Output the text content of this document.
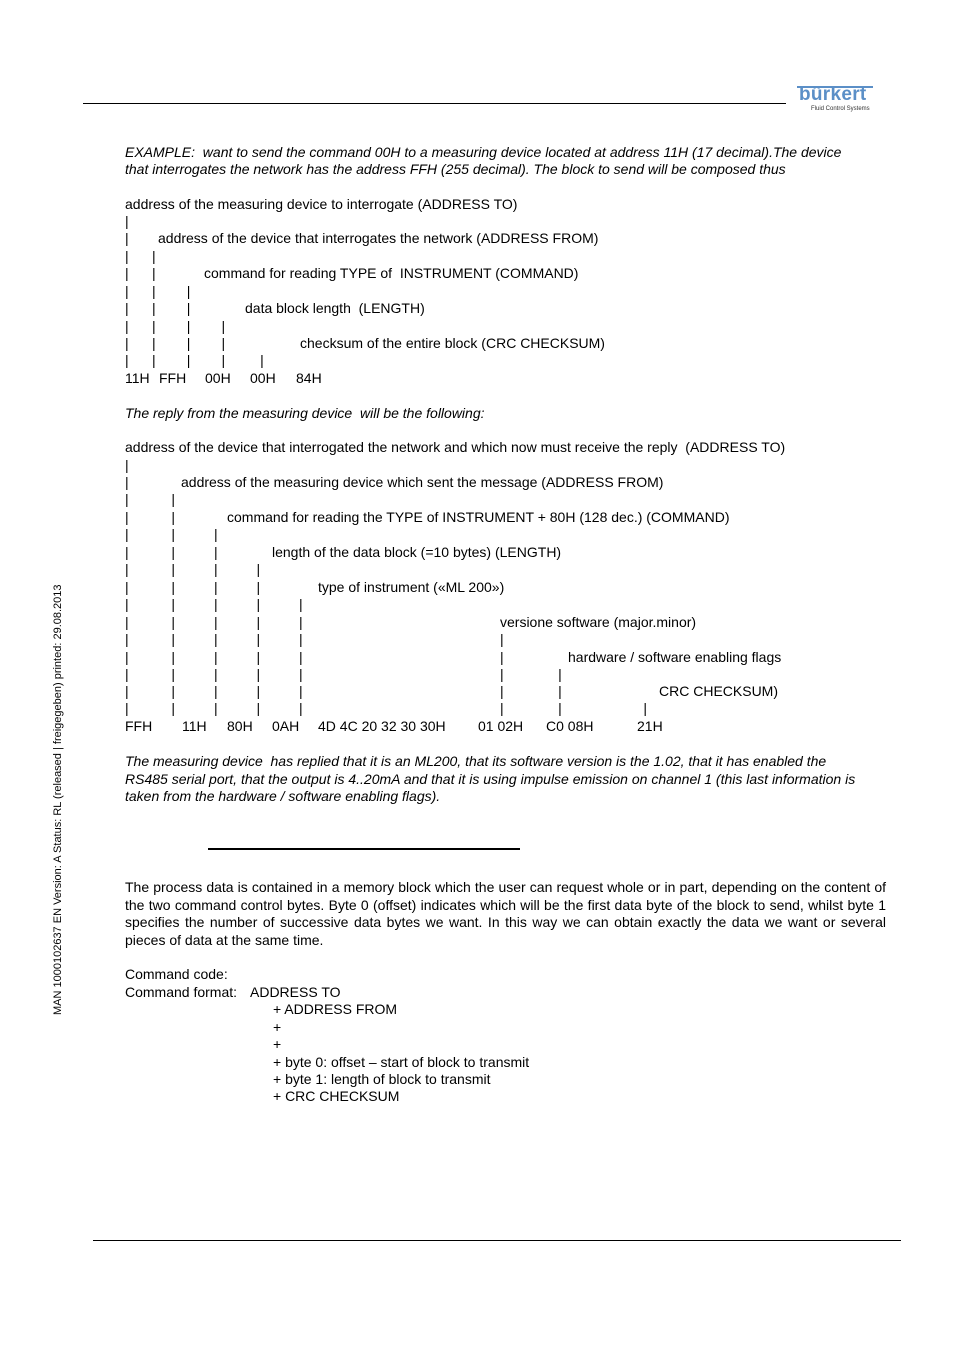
bürkert
Fluid Control Systems
MAN 1000102637 EN Version: A Status: RL (released | freigegeben) printed: 29.08.2013
EXAMPLE:  want to send the command 00H to a measuring device located at address 11H (17 decimal).The device
that interrogates the network has the address FFH (255 decimal). The block to send will be composed thus
address of the measuring device to interrogate (ADDRESS TO)
|
| address of the device that interrogates the network (ADDRESS FROM)
|      |
|      |	command for reading TYPE of  INSTRUMENT (COMMAND)
|      |        |
|      |        |	data block length  (LENGTH)
|      |        |        |
|      |        |        |	checksum of the entire block (CRC CHECKSUM)
|      |        |        |         |
11H FFH 00H 00H 84H
The reply from the measuring device  will be the following:
address of the device that interrogated the network and which now must receive the reply  (ADDRESS TO)
|
|	address of the measuring device which sent the message (ADDRESS FROM)
|           |
|           |	command for reading the TYPE of INSTRUMENT + 80H (128 dec.) (COMMAND)
|           |          |
|           |          |	length of the data block (=10 bytes) (LENGTH)
|           |          |          |
|           |          |          |	type of instrument («ML 200»)
|           |          |          |          |
|           |          |          |          |	versione software (major.minor)
|           |          |          |          |	|
|           |          |          |          |	|	hardware / software enabling flags
|           |          |          |          |	|              |
|           |          |          |          |	|              |	CRC CHECKSUM)
|           |          |          |          |	|              |                     |
FFH 11H 80H 0AH 4D 4C 20 32 30 30H 01 02H C0 08H	21H
The measuring device  has replied that it is an ML200, that its software version is the 1.02, that it has enabled the
RS485 serial port, that the output is 4..20mA and that it is using impulse emission on channel 1 (this last information is
taken from the hardware / software enabling flags).
The process data is contained in a memory block which the user can request whole or in part, depending on the content of the two command control bytes. Byte 0 (offset) indicates which will be the first data byte of the block to send, whilst byte 1 specifies the number of successive data bytes we want. In this way we can obtain exactly the data we want or several pieces of data at the same time.
Command code:
Command format: ADDRESS TO
+ ADDRESS FROM
+
+
+ byte 0: offset – start of block to transmit
+ byte 1: length of block to transmit
+ CRC CHECKSUM
